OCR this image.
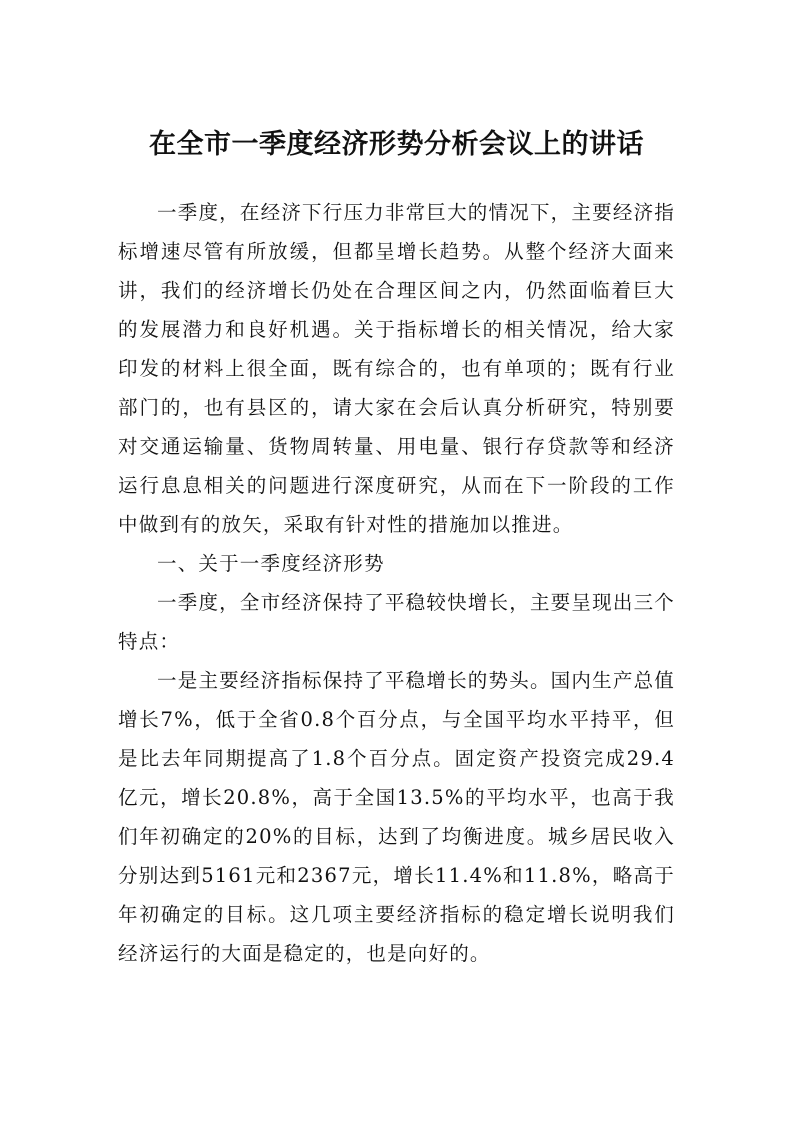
在全市一季度经济形势分析会议上的讲话

一季度，在经济下行压力非常巨大的情况下，主要经济指标增速尽管有所放缓，但都呈增长趋势。从整个经济大面来讲，我们的经济增长仍处在合理区间之内，仍然面临着巨大的发展潜力和良好机遇。关于指标增长的相关情况，给大家印发的材料上很全面，既有综合的，也有单项的；既有行业部门的，也有县区的，请大家在会后认真分析研究，特别要对交通运输量、货物周转量、用电量、银行存贷款等和经济运行息息相关的问题进行深度研究，从而在下一阶段的工作中做到有的放矢，采取有针对性的措施加以推进。

一、关于一季度经济形势

一季度，全市经济保持了平稳较快增长，主要呈现出三个特点：

一是主要经济指标保持了平稳增长的势头。国内生产总值增长7%，低于全省0.8个百分点，与全国平均水平持平，但是比去年同期提高了1.8个百分点。固定资产投资完成29.4亿元，增长20.8%，高于全国13.5%的平均水平，也高于我们年初确定的20%的目标，达到了均衡进度。城乡居民收入分别达到5161元和2367元，增长11.4%和11.8%，略高于年初确定的目标。这几项主要经济指标的稳定增长说明我们经济运行的大面是稳定的，也是向好的。
